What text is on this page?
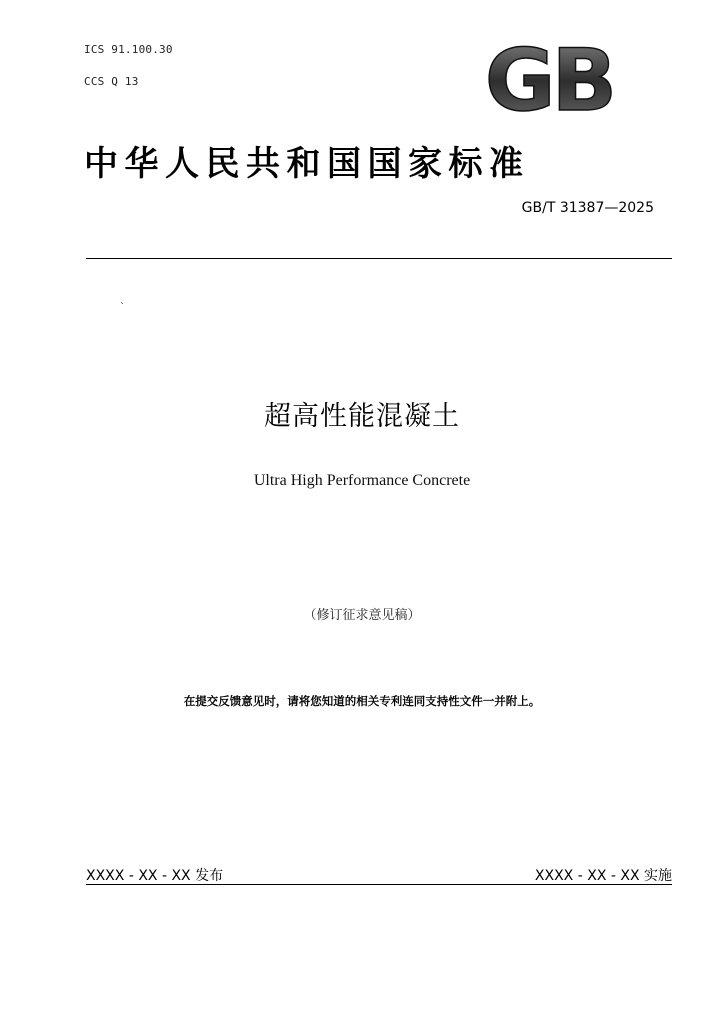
ICS 91.100.30
CCS Q 13	GB
中华人民共和国国家标准
GB/T 31387—2025
`
超高性能混凝土
Ultra High Performance Concrete
（修订征求意见稿）
在提交反馈意见时，请将您知道的相关专利连同支持性文件一并附上。
XXXX - XX - XX 发布	XXXX - XX - XX 实施
